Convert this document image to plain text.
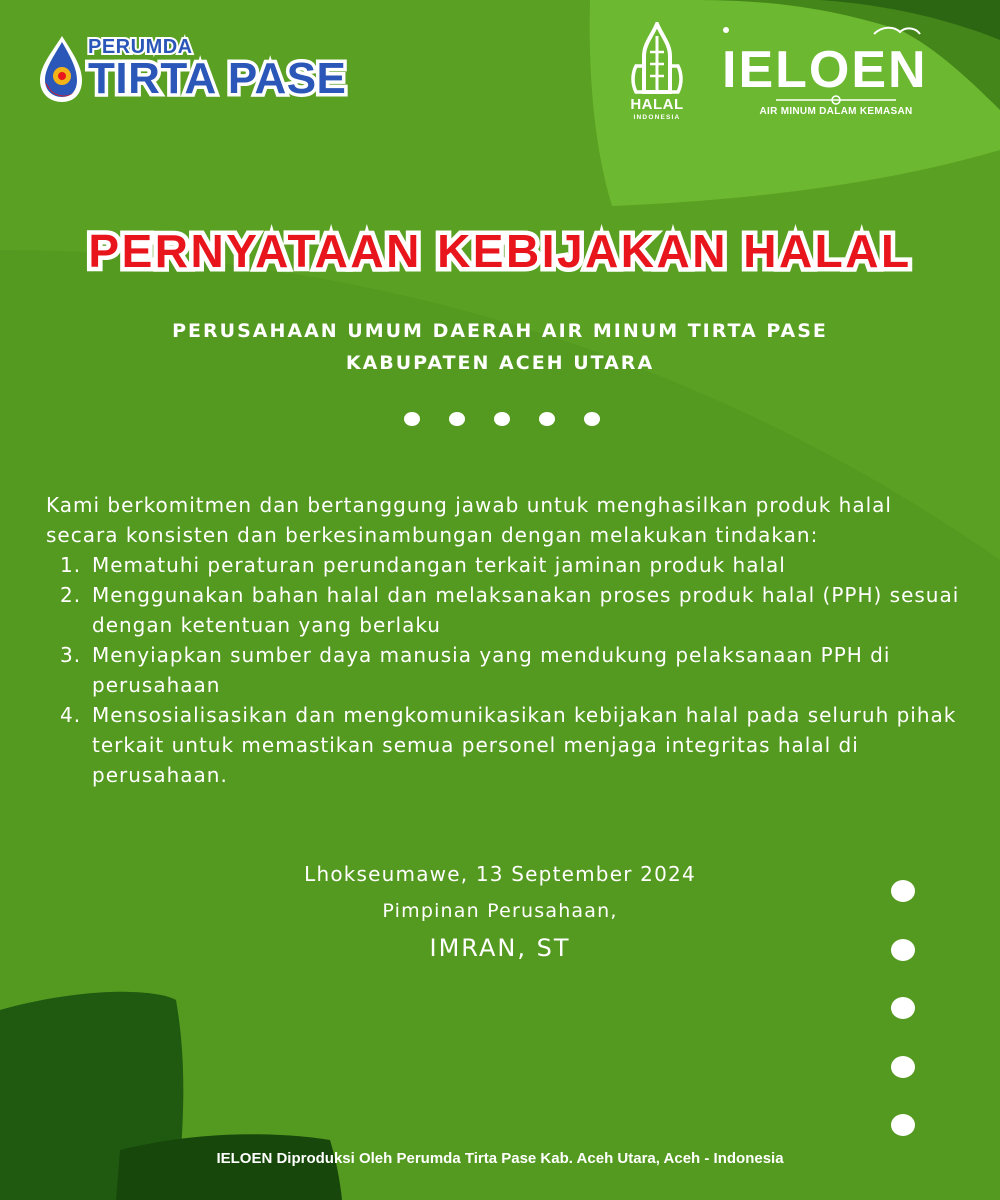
PERUMDA
TIRTA PASE
HALAL
INDONESIA
IELOEN
AIR MINUM DALAM KEMASAN
PERNYATAAN KEBIJAKAN HALAL
PERUSAHAAN UMUM DAERAH AIR MINUM TIRTA PASE
KABUPATEN ACEH UTARA
Kami berkomitmen dan bertanggung jawab untuk menghasilkan produk halal secara konsisten dan berkesinambungan dengan melakukan tindakan:
1. Mematuhi peraturan perundangan terkait jaminan produk halal
2. Menggunakan bahan halal dan melaksanakan proses produk halal (PPH) sesuai dengan ketentuan yang berlaku
3. Menyiapkan sumber daya manusia yang mendukung pelaksanaan PPH di perusahaan
4. Mensosialisasikan dan mengkomunikasikan kebijakan halal pada seluruh pihak terkait untuk memastikan semua personel menjaga integritas halal di perusahaan.
Lhokseumawe, 13 September 2024
Pimpinan Perusahaan,
IMRAN, ST
IELOEN Diproduksi Oleh Perumda Tirta Pase Kab. Aceh Utara, Aceh - Indonesia
